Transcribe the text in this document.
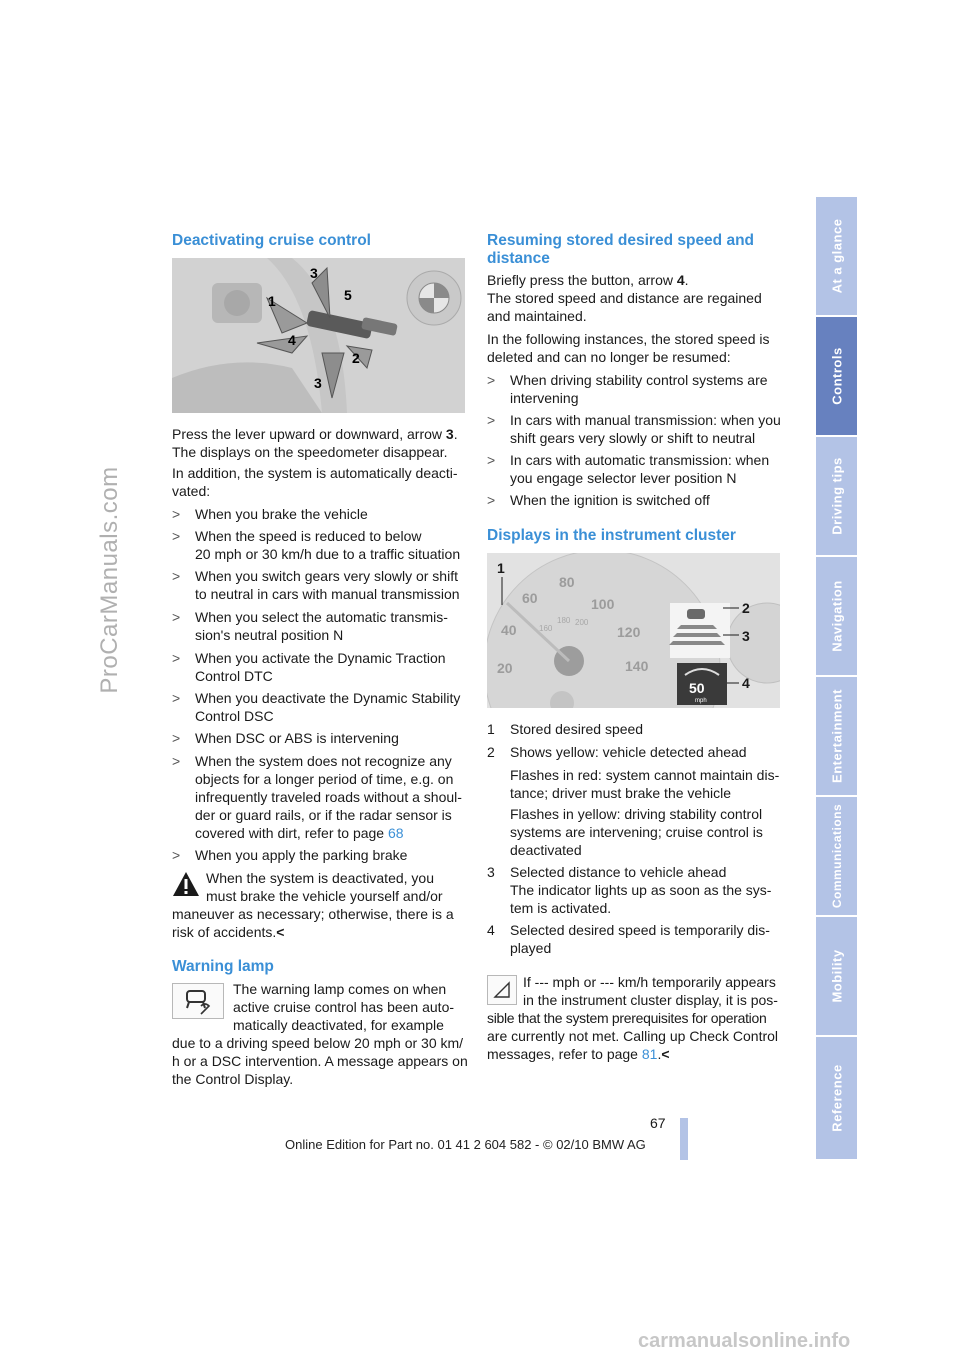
ProCarManuals.com
At a glance
Controls
Driving tips
Navigation
Entertainment
Communications
Mobility
Reference
Deactivating cruise control
3
1	5
4
2
3
Press the lever upward or downward, arrow 3.
The displays on the speedometer disappear.
In addition, the system is automatically deacti-
vated:
> When you brake the vehicle
> When the speed is reduced to below
20 mph or 30 km/h due to a traffic situation
> When you switch gears very slowly or shift
to neutral in cars with manual transmission
> When you select the automatic transmis-
sion's neutral position N
> When you activate the Dynamic Traction
Control DTC
> When you deactivate the Dynamic Stability
Control DSC
> When DSC or ABS is intervening
> When the system does not recognize any
objects for a longer period of time, e.g. on
infrequently traveled roads without a shoul-
der or guard rails, or if the radar sensor is
covered with dirt, refer to page 68
> When you apply the parking brake
When the system is deactivated, you
must brake the vehicle yourself and/or
maneuver as necessary; otherwise, there is a
risk of accidents.<
Warning lamp
The warning lamp comes on when
active cruise control has been auto-
matically deactivated, for example
due to a driving speed below 20 mph or 30 km/
h or a DSC intervention. A message appears on
the Control Display.
Resuming stored desired speed and
distance
Briefly press the button, arrow 4.
The stored speed and distance are regained
and maintained.
In the following instances, the stored speed is
deleted and can no longer be resumed:
> When driving stability control systems are
intervening
> In cars with manual transmission: when you
shift gears very slowly or shift to neutral
> In cars with automatic transmission: when
you engage selector lever position N
> When the ignition is switched off
Displays in the instrument cluster
20
40
60
80
100
120
140
160
180 200
50
mph
1
2
3
4
1	Stored desired speed
2	Shows yellow: vehicle detected ahead
Flashes in red: system cannot maintain dis-
tance; driver must brake the vehicle
Flashes in yellow: driving stability control
systems are intervening; cruise control is
deactivated
3	Selected distance to vehicle ahead
The indicator lights up as soon as the sys-
tem is activated.
4	Selected desired speed is temporarily dis-
played
If --- mph or --- km/h temporarily appears
in the instrument cluster display, it is pos-
sible that the system prerequisites for operation
are currently not met. Calling up Check Control
messages, refer to page 81.<
67
Online Edition for Part no. 01 41 2 604 582 - © 02/10 BMW AG
carmanualsonline.info
